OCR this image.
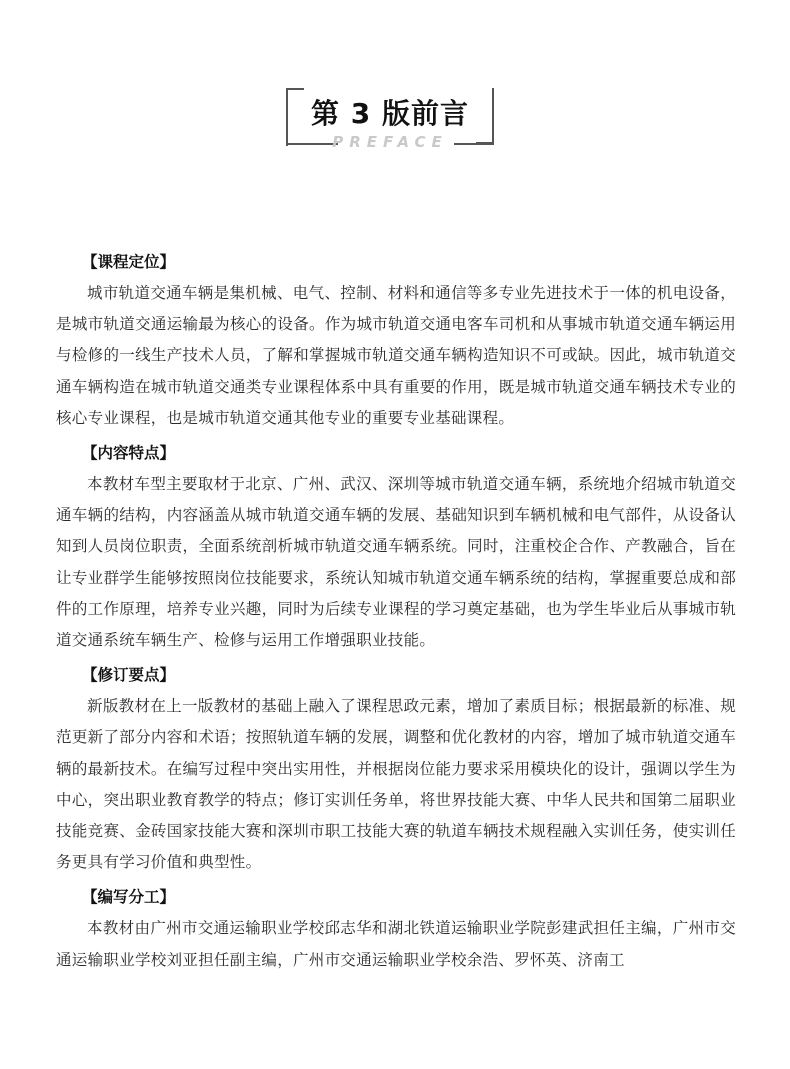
第 3 版前言
PREFACE
【课程定位】

城市轨道交通车辆是集机械、电气、控制、材料和通信等多专业先进技术于一体的机电设备，是城市轨道交通运输最为核心的设备。作为城市轨道交通电客车司机和从事城市轨道交通车辆运用与检修的一线生产技术人员，了解和掌握城市轨道交通车辆构造知识不可或缺。因此，城市轨道交通车辆构造在城市轨道交通类专业课程体系中具有重要的作用，既是城市轨道交通车辆技术专业的核心专业课程，也是城市轨道交通其他专业的重要专业基础课程。

【内容特点】

本教材车型主要取材于北京、广州、武汉、深圳等城市轨道交通车辆，系统地介绍城市轨道交通车辆的结构，内容涵盖从城市轨道交通车辆的发展、基础知识到车辆机械和电气部件，从设备认知到人员岗位职责，全面系统剖析城市轨道交通车辆系统。同时，注重校企合作、产教融合，旨在让专业群学生能够按照岗位技能要求，系统认知城市轨道交通车辆系统的结构，掌握重要总成和部件的工作原理，培养专业兴趣，同时为后续专业课程的学习奠定基础，也为学生毕业后从事城市轨道交通系统车辆生产、检修与运用工作增强职业技能。

【修订要点】

新版教材在上一版教材的基础上融入了课程思政元素，增加了素质目标；根据最新的标准、规范更新了部分内容和术语；按照轨道车辆的发展，调整和优化教材的内容，增加了城市轨道交通车辆的最新技术。在编写过程中突出实用性，并根据岗位能力要求采用模块化的设计，强调以学生为中心，突出职业教育教学的特点；修订实训任务单，将世界技能大赛、中华人民共和国第二届职业技能竞赛、金砖国家技能大赛和深圳市职工技能大赛的轨道车辆技术规程融入实训任务，使实训任务更具有学习价值和典型性。

【编写分工】

本教材由广州市交通运输职业学校邱志华和湖北铁道运输职业学院彭建武担任主编，广州市交通运输职业学校刘亚担任副主编，广州市交通运输职业学校余浩、罗怀英、济南工
